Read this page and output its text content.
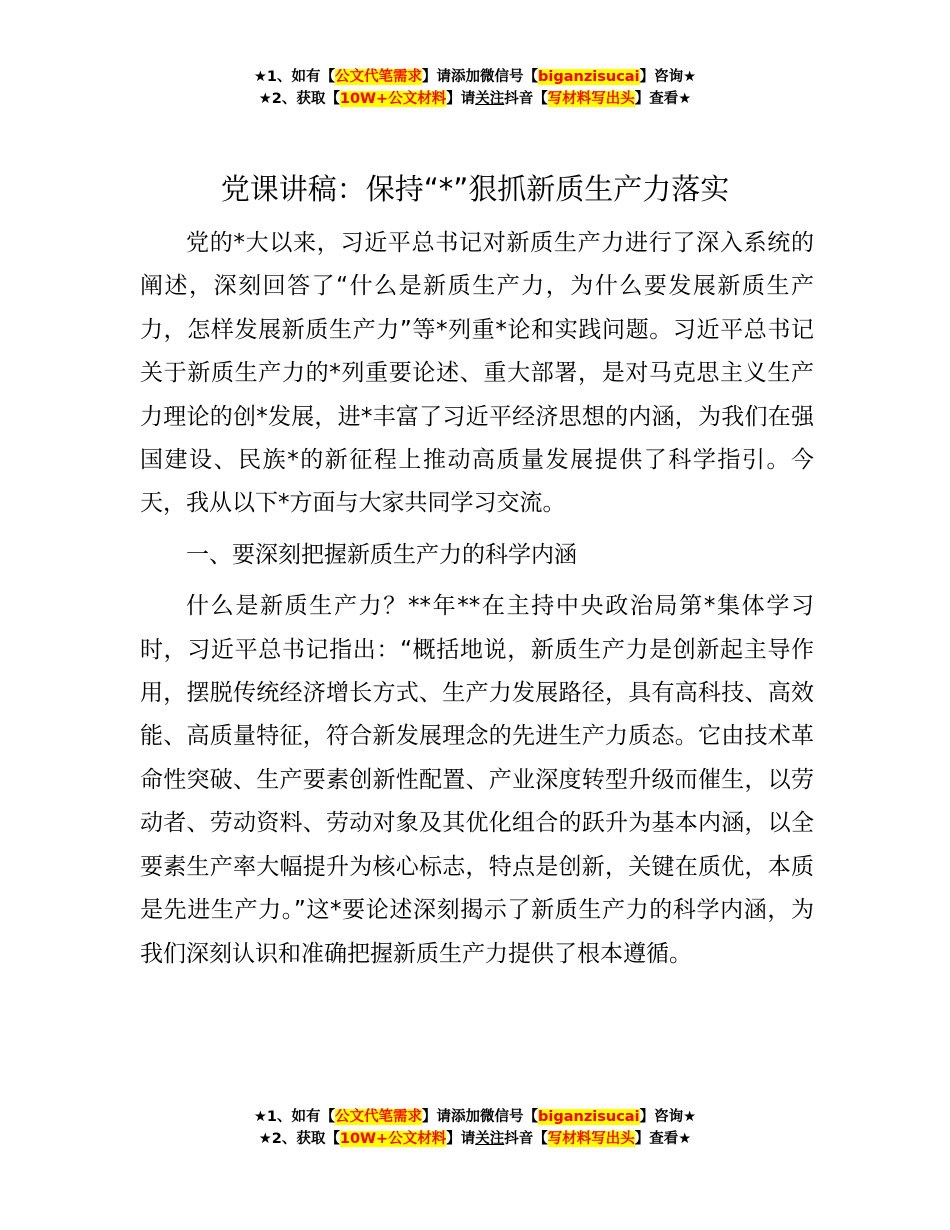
★1、如有【公文代笔需求】请添加微信号【biganzisucai】咨询★
★2、获取【10W+公文材料】请关注抖音【写材料写出头】查看★
党课讲稿：保持“*”狠抓新质生产力落实

党的*大以来，习近平总书记对新质生产力进行了深入系统的阐述，深刻回答了“什么是新质生产力，为什么要发展新质生产力，怎样发展新质生产力”等*列重*论和实践问题。习近平总书记关于新质生产力的*列重要论述、重大部署，是对马克思主义生产力理论的创*发展，进*丰富了习近平经济思想的内涵，为我们在强国建设、民族*的新征程上推动高质量发展提供了科学指引。今天，我从以下*方面与大家共同学习交流。

一、要深刻把握新质生产力的科学内涵

什么是新质生产力？**年**在主持中央政治局第*集体学习时，习近平总书记指出：“概括地说，新质生产力是创新起主导作用，摆脱传统经济增长方式、生产力发展路径，具有高科技、高效能、高质量特征，符合新发展理念的先进生产力质态。它由技术革命性突破、生产要素创新性配置、产业深度转型升级而催生，以劳动者、劳动资料、劳动对象及其优化组合的跃升为基本内涵，以全要素生产率大幅提升为核心标志，特点是创新，关键在质优，本质是先进生产力。”这*要论述深刻揭示了新质生产力的科学内涵，为我们深刻认识和准确把握新质生产力提供了根本遵循。

★1、如有【公文代笔需求】请添加微信号【biganzisucai】咨询★
★2、获取【10W+公文材料】请关注抖音【写材料写出头】查看★
